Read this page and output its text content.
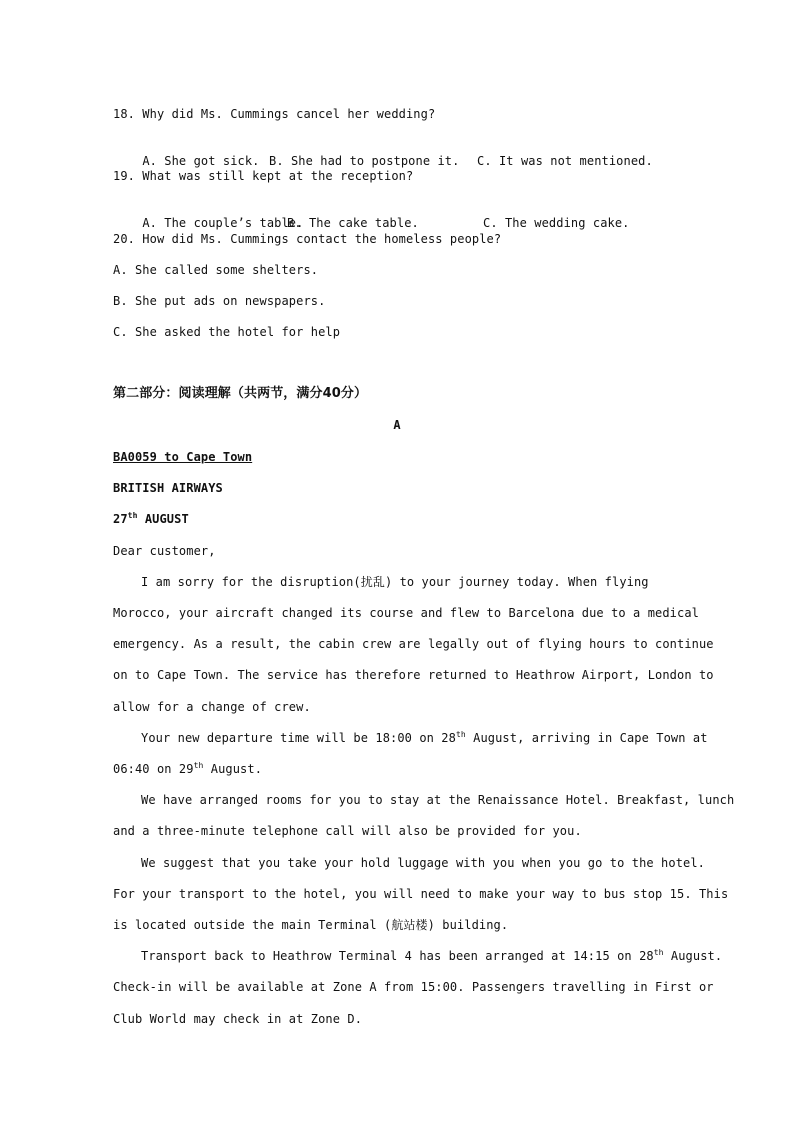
18. Why did Ms. Cummings cancel her wedding?

A. She got sick. B. She had to postpone it. C. It was not mentioned.

19. What was still kept at the reception?

A. The couple’s table.
B. The cake table.	C. The wedding cake.

20. How did Ms. Cummings contact the homeless people?
A. She called some shelters.
B. She put ads on newspapers.
C. She asked the hotel for help
第二部分：阅读理解（共两节，满分40分）
A
BA0059 to Cape Town
BRITISH AIRWAYS
27th AUGUST
Dear customer,
I am sorry for the disruption(扰乱) to your journey today. When flying
Morocco, your aircraft changed its course and flew to Barcelona due to a medical
emergency. As a result, the cabin crew are legally out of flying hours to continue
on to Cape Town. The service has therefore returned to Heathrow Airport, London to
allow for a change of crew.
Your new departure time will be 18:00 on 28th August, arriving in Cape Town at
06:40 on 29th August.
We have arranged rooms for you to stay at the Renaissance Hotel. Breakfast, lunch
and a three-minute telephone call will also be provided for you.
We suggest that you take your hold luggage with you when you go to the hotel.
For your transport to the hotel, you will need to make your way to bus stop 15. This
is located outside the main Terminal (航站楼) building.
Transport back to Heathrow Terminal 4 has been arranged at 14:15 on 28th August.
Check-in will be available at Zone A from 15:00. Passengers travelling in First or
Club World may check in at Zone D.
